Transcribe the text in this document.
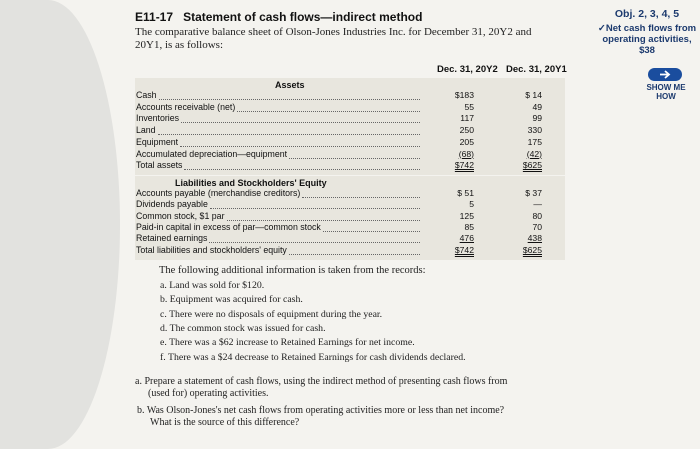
E11-17 Statement of cash flows—indirect method
The comparative balance sheet of Olson-Jones Industries Inc. for December 31, 20Y2 and
20Y1, is as follows:
Obj. 2, 3, 4, 5
✓Net cash flows from operating activities, $38
SHOW ME HOW
Dec. 31, 20Y2 Dec. 31, 20Y1
Assets
Liabilities and Stockholders' Equity
Cash	$183	$ 14
Accounts receivable (net)	55	49
Inventories	117	99
Land	250	330
Equipment	205	175
Accumulated depreciation—equipment	(68)	(42)
Total assets	$742	$625
Accounts payable (merchandise creditors)	$ 51	$ 37
Dividends payable	5	—
Common stock, $1 par	125	80
Paid-in capital in excess of par—common stock	85	70
Retained earnings	476	438
Total liabilities and stockholders' equity	$742	$625
The following additional information is taken from the records:
a. Land was sold for $120.
b. Equipment was acquired for cash.
c. There were no disposals of equipment during the year.
d. The common stock was issued for cash.
e. There was a $62 increase to Retained Earnings for net income.
f. There was a $24 decrease to Retained Earnings for cash dividends declared.
a. Prepare a statement of cash flows, using the indirect method of presenting cash flows from
(used for) operating activities.
b. Was Olson-Jones's net cash flows from operating activities more or less than net income?
What is the source of this difference?
